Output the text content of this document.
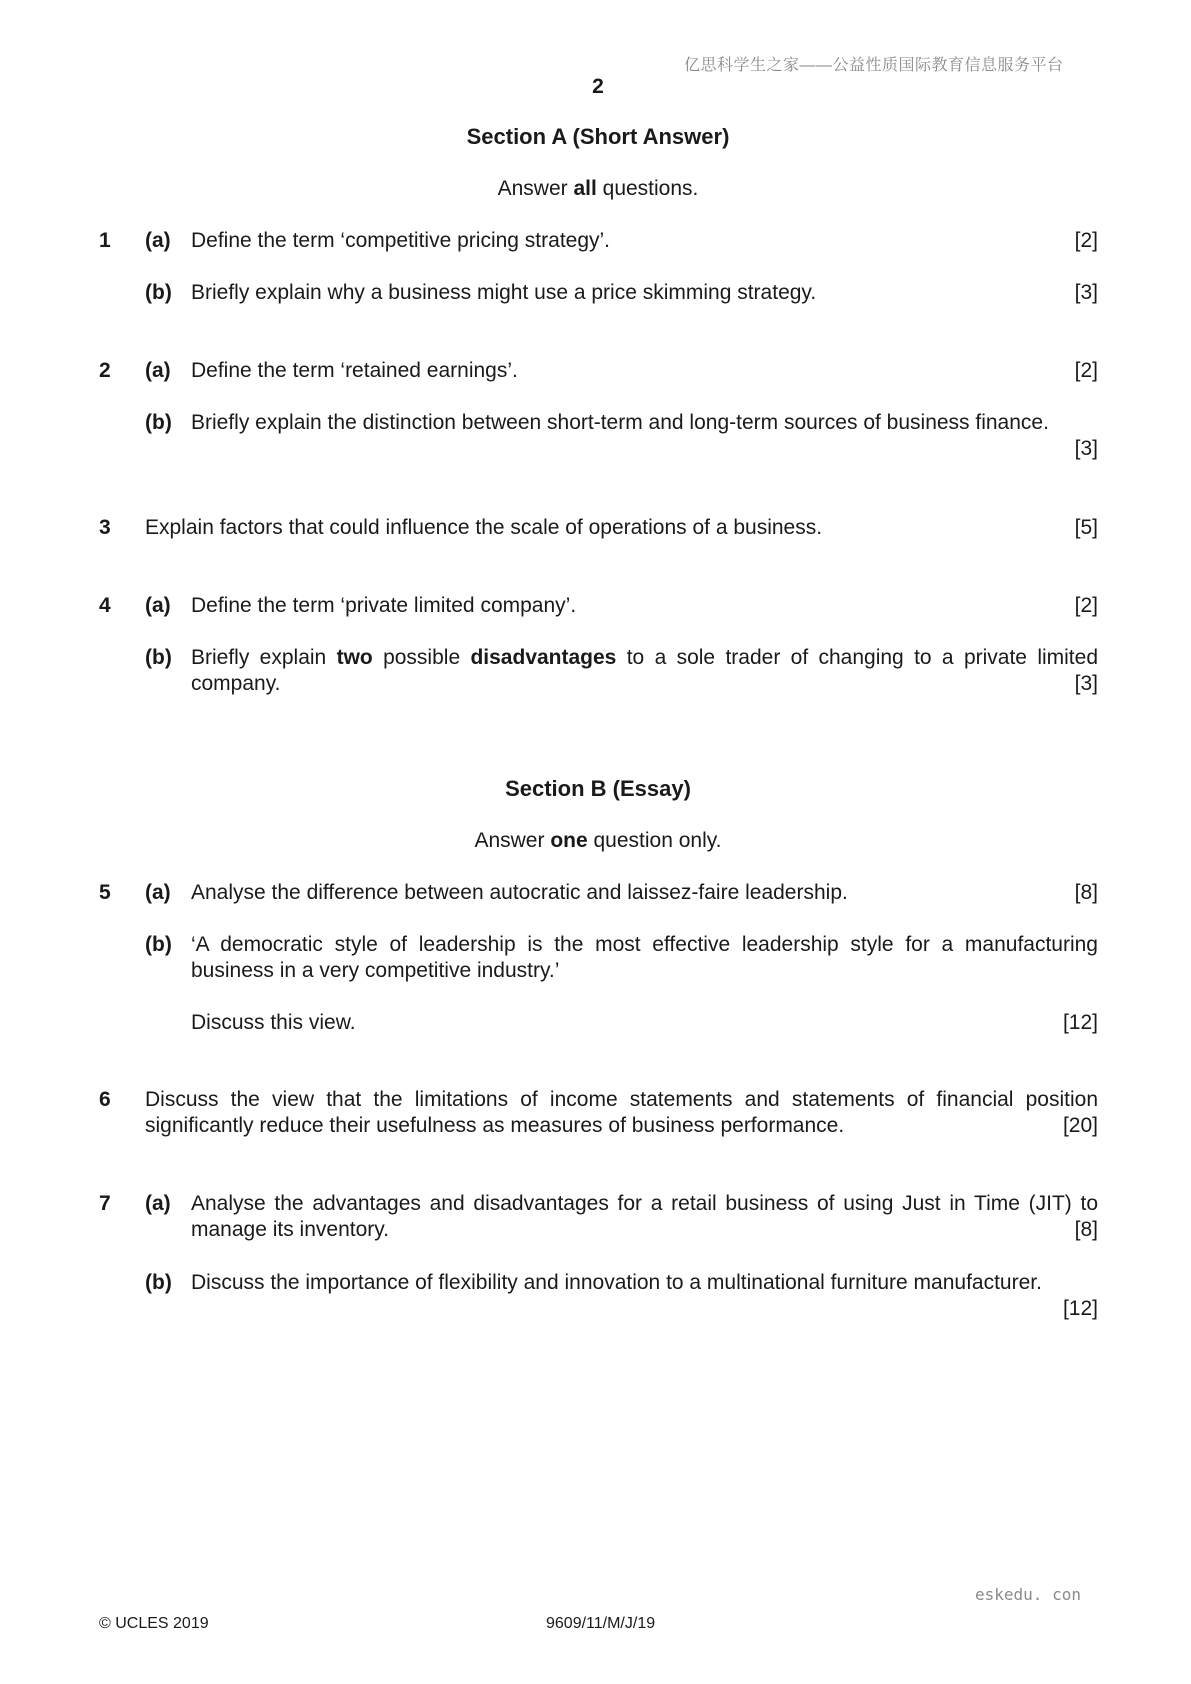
亿思科学生之家——公益性质国际教育信息服务平台
2
Section A (Short Answer)
Answer all questions.
1 (a) Define the term ‘competitive pricing strategy’.	[2]
(b) Briefly explain why a business might use a price skimming strategy.	[3]
2 (a) Define the term ‘retained earnings’.	[2]
(b) Briefly explain the distinction between short-term and long-term sources of business finance.
[3]
3 Explain factors that could influence the scale of operations of a business.	[5]
4 (a) Define the term ‘private limited company’.	[2]
(b) Briefly explain two possible disadvantages to a sole trader of changing to a private limited company.	[3]
Section B (Essay)
Answer one question only.
5 (a) Analyse the difference between autocratic and laissez-faire leadership.	[8]
(b) ‘A democratic style of leadership is the most effective leadership style for a manufacturing business in a very competitive industry.’
Discuss this view.	[12]
6 Discuss the view that the limitations of income statements and statements of financial position significantly reduce their usefulness as measures of business performance.	[20]
7 (a) Analyse the advantages and disadvantages for a retail business of using Just in Time (JIT) to manage its inventory.	[8]
(b) Discuss the importance of flexibility and innovation to a multinational furniture manufacturer.
[12]
eskedu. con
© UCLES 2019	9609/11/M/J/19
